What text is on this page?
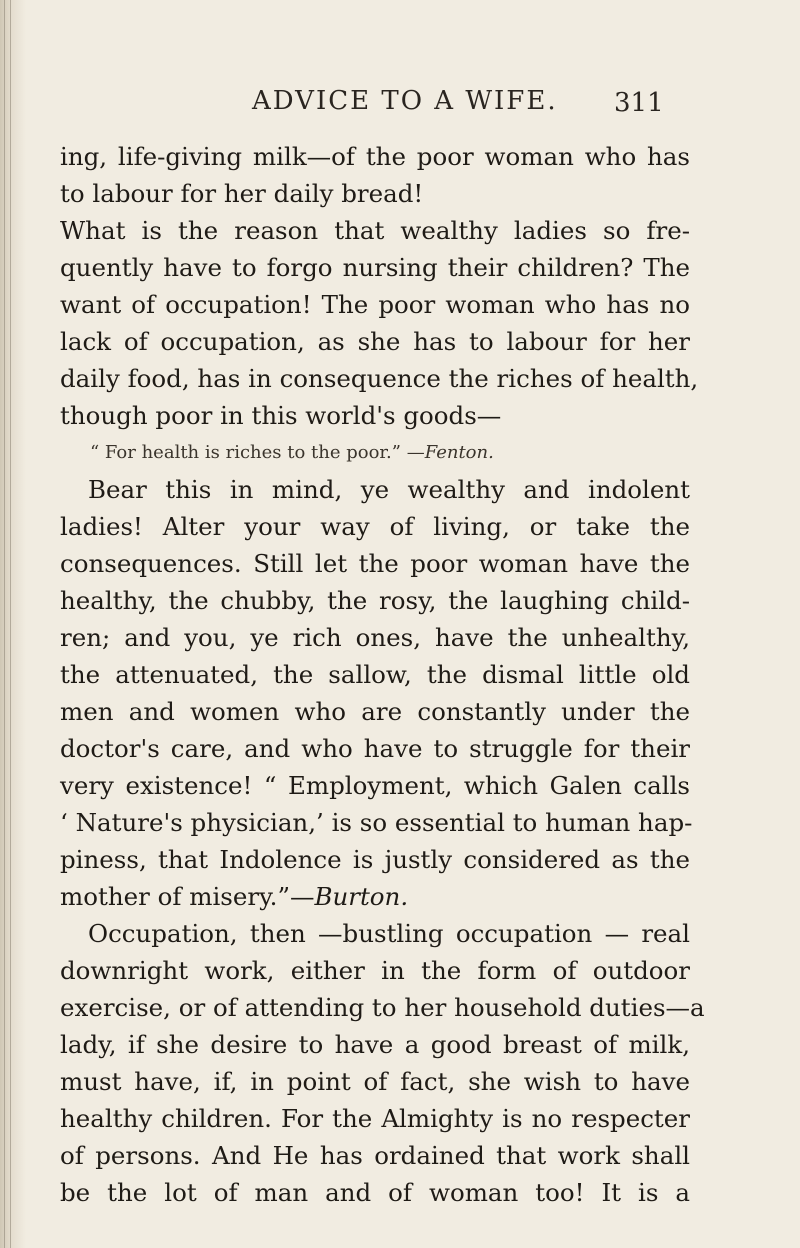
ADVICE TO A WIFE. 311
ing, life-giving milk—of the poor woman who has
to labour for her daily bread!
What is the reason that wealthy ladies so fre-
quently have to forgo nursing their children? The
want of occupation! The poor woman who has no
lack of occupation, as she has to labour for her
daily food, has in consequence the riches of health,
though poor in this world's goods—
“ For health is riches to the poor.” —Fenton.
Bear this in mind, ye wealthy and indolent
ladies! Alter your way of living, or take the
consequences. Still let the poor woman have the
healthy, the chubby, the rosy, the laughing child-
ren; and you, ye rich ones, have the unhealthy,
the attenuated, the sallow, the dismal little old
men and women who are constantly under the
doctor's care, and who have to struggle for their
very existence! “ Employment, which Galen calls
‘ Nature's physician,’ is so essential to human hap-
piness, that Indolence is justly considered as the
mother of misery.”—Burton.
Occupation, then —bustling occupation — real
downright work, either in the form of outdoor
exercise, or of attending to her household duties—a
lady, if she desire to have a good breast of milk,
must have, if, in point of fact, she wish to have
healthy children. For the Almighty is no respecter
of persons. And He has ordained that work shall
be the lot of man and of woman too! It is a
